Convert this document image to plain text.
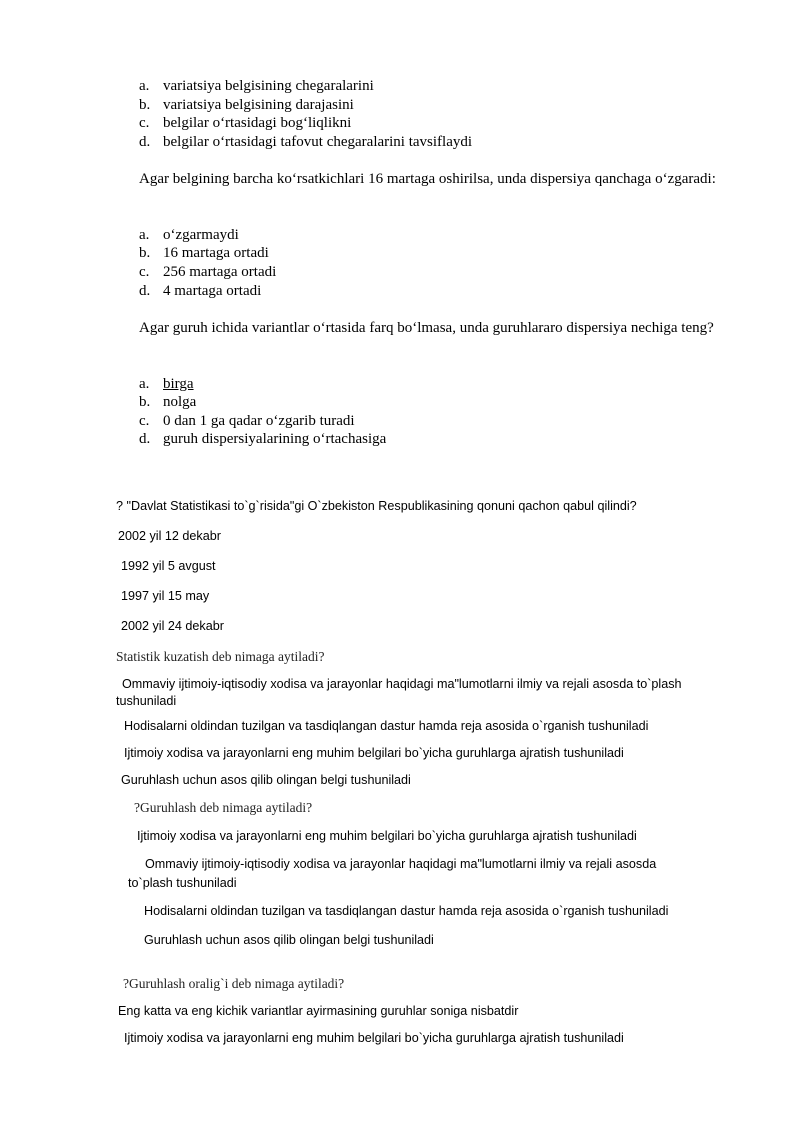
a. variatsiya belgisining chegaralarini
b. variatsiya belgisining darajasini
c. belgilar oʻrtasidagi bogʻliqlikni
d. belgilar oʻrtasidagi tafovut chegaralarini tavsiflaydi
Agar belgining barcha koʻrsatkichlari 16 martaga oshirilsa, unda dispersiya qanchaga oʻzgaradi:
a. oʻzgarmaydi
b. 16 martaga ortadi
c. 256 martaga ortadi
d. 4 martaga ortadi
Agar guruh ichida variantlar oʻrtasida farq boʻlmasa, unda guruhlararo dispersiya nechiga teng?
a. birga
b. nolga
c. 0 dan 1 ga qadar oʻzgarib turadi
d. guruh dispersiyalarining oʻrtachasiga
? "Davlat Statistikasi to`g`risida"gi O`zbekiston Respublikasining qonuni qachon qabul qilindi?
2002 yil 12 dekabr
1992 yil 5 avgust
1997 yil 15 may
2002 yil 24 dekabr
Statistik kuzatish deb nimaga aytiladi?
Ommaviy ijtimoiy-iqtisodiy xodisa va jarayonlar haqidagi ma"lumotlarni ilmiy va rejali asosda to`plash tushuniladi
Hodisalarni oldindan tuzilgan va tasdiqlangan dastur hamda reja asosida o`rganish tushuniladi
Ijtimoiy xodisa va jarayonlarni eng muhim belgilari bo`yicha guruhlarga ajratish tushuniladi
Guruhlash uchun asos qilib olingan belgi tushuniladi
?Guruhlash deb nimaga aytiladi?
Ijtimoiy xodisa va jarayonlarni eng muhim belgilari bo`yicha guruhlarga ajratish tushuniladi
Ommaviy ijtimoiy-iqtisodiy xodisa va jarayonlar haqidagi ma"lumotlarni ilmiy va rejali asosda
to`plash tushuniladi
Hodisalarni oldindan tuzilgan va tasdiqlangan dastur hamda reja asosida o`rganish tushuniladi
Guruhlash uchun asos qilib olingan belgi tushuniladi
?Guruhlash oralig`i deb nimaga aytiladi?
Eng katta va eng kichik variantlar ayirmasining guruhlar soniga nisbatdir
Ijtimoiy xodisa va jarayonlarni eng muhim belgilari bo`yicha guruhlarga ajratish tushuniladi
